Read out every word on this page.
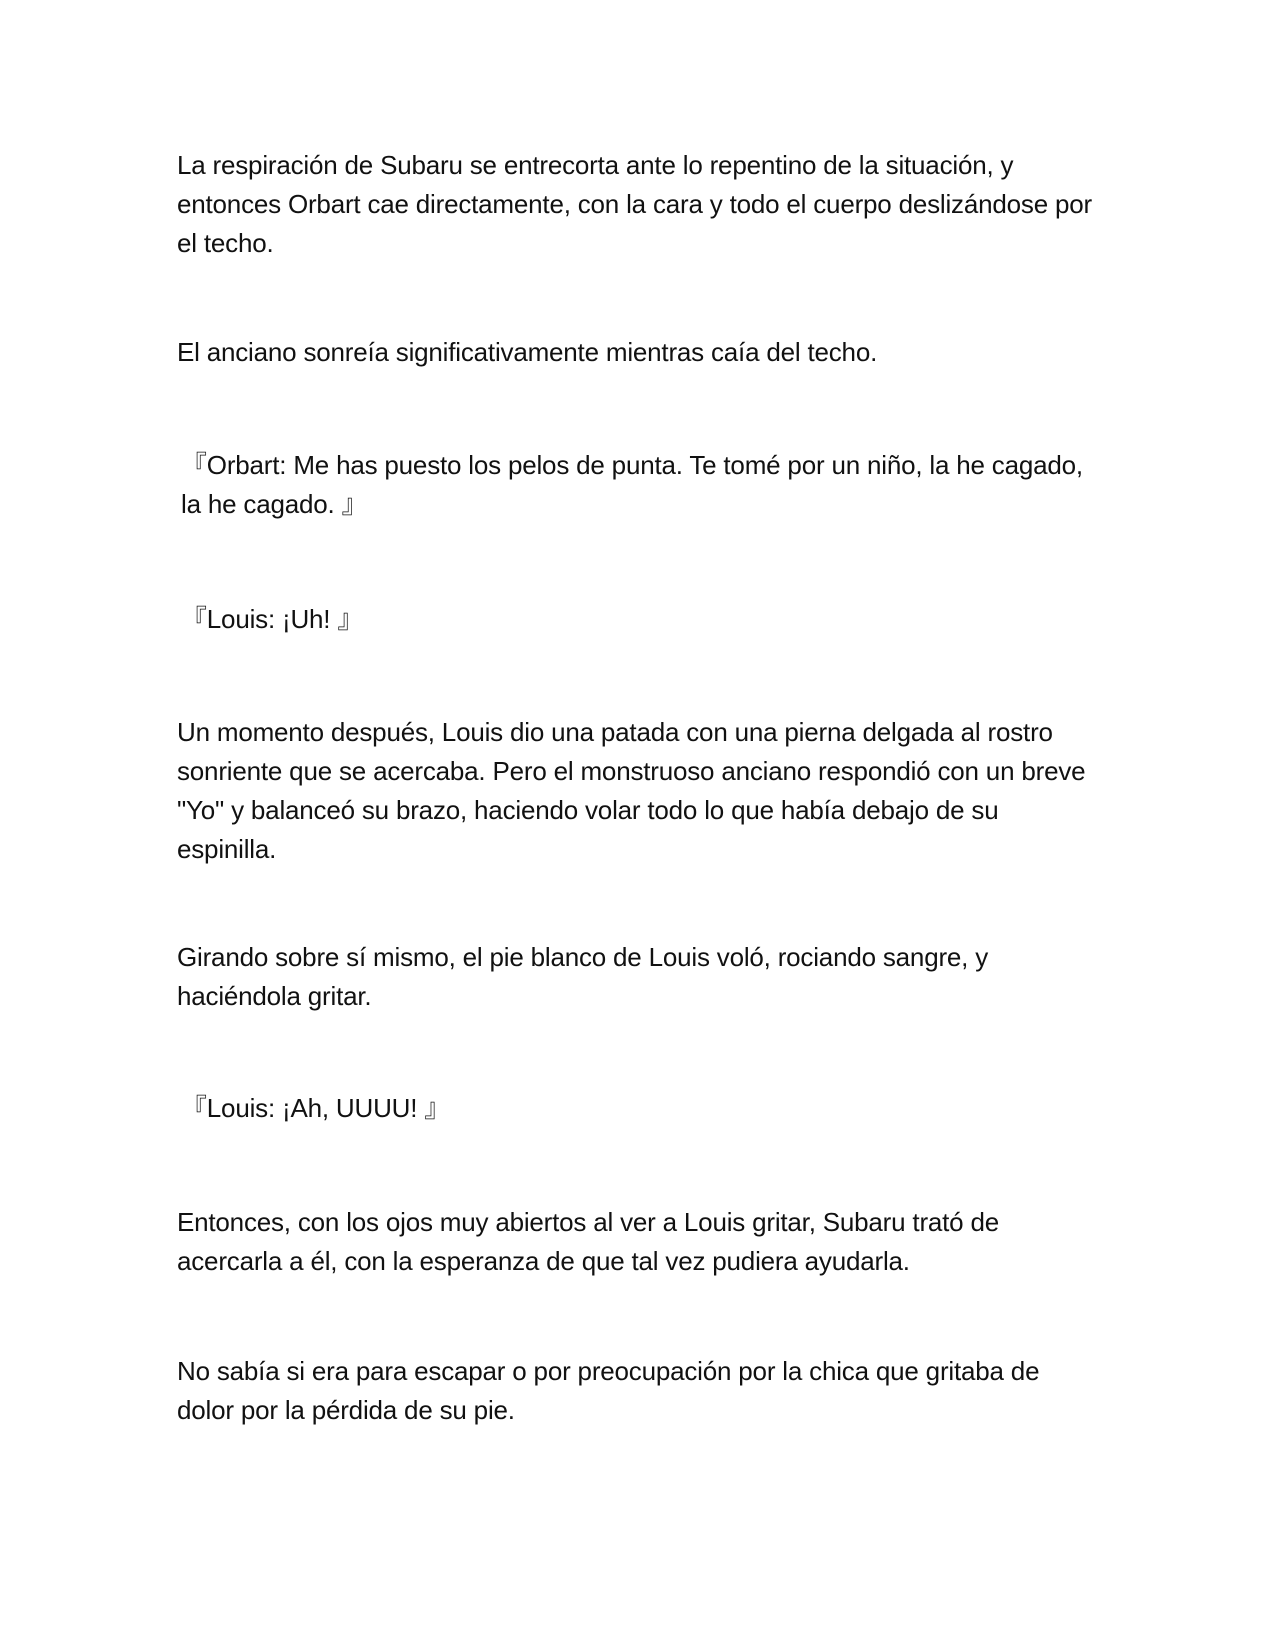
La respiración de Subaru se entrecorta ante lo repentino de la situación, y entonces Orbart cae directamente, con la cara y todo el cuerpo deslizándose por el techo.

El anciano sonreía significativamente mientras caía del techo.

『Orbart: Me has puesto los pelos de punta. Te tomé por un niño, la he cagado, la he cagado. 』

『Louis: ¡Uh! 』

Un momento después, Louis dio una patada con una pierna delgada al rostro sonriente que se acercaba. Pero el monstruoso anciano respondió con un breve "Yo" y balanceó su brazo, haciendo volar todo lo que había debajo de su espinilla.

Girando sobre sí mismo, el pie blanco de Louis voló, rociando sangre, y haciéndola gritar.

『Louis: ¡Ah, UUUU! 』

Entonces, con los ojos muy abiertos al ver a Louis gritar, Subaru trató de acercarla a él, con la esperanza de que tal vez pudiera ayudarla.

No sabía si era para escapar o por preocupación por la chica que gritaba de dolor por la pérdida de su pie.
